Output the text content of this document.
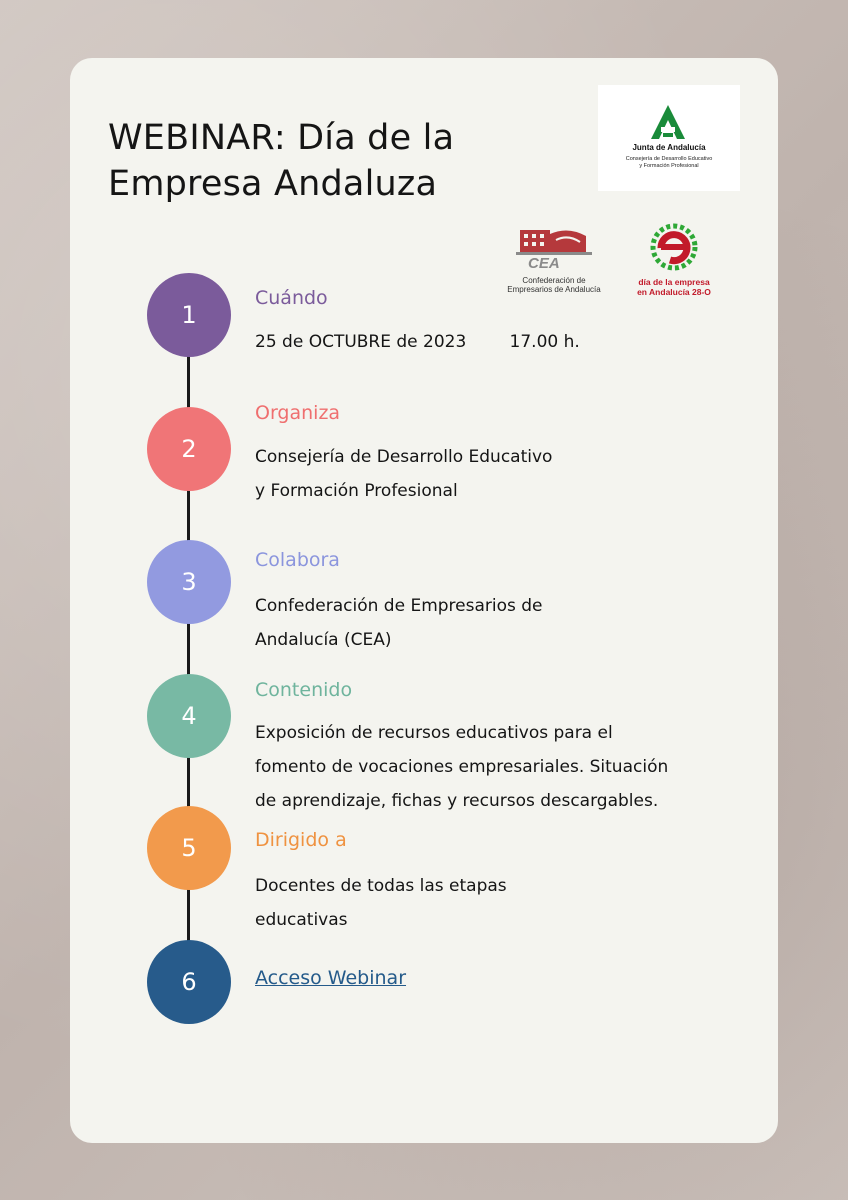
WEBINAR: Día de la
Empresa Andaluza
Junta de Andalucía
Consejería de Desarrollo Educativo
y Formación Profesional
CEA
Confederación de
Empresarios de Andalucía
día de la empresa
en Andalucía 28-O
1
Cuándo
25 de OCTUBRE de 2023        17.00 h.
2
Organiza
Consejería de Desarrollo Educativo
y Formación Profesional
3
Colabora
Confederación de Empresarios de
Andalucía (CEA)
4
Contenido
Exposición de recursos educativos para el
fomento de vocaciones empresariales. Situación
de aprendizaje, fichas y recursos descargables.
5	Dirigido a
Docentes de todas las etapas
educativas
6	Acceso Webinar
